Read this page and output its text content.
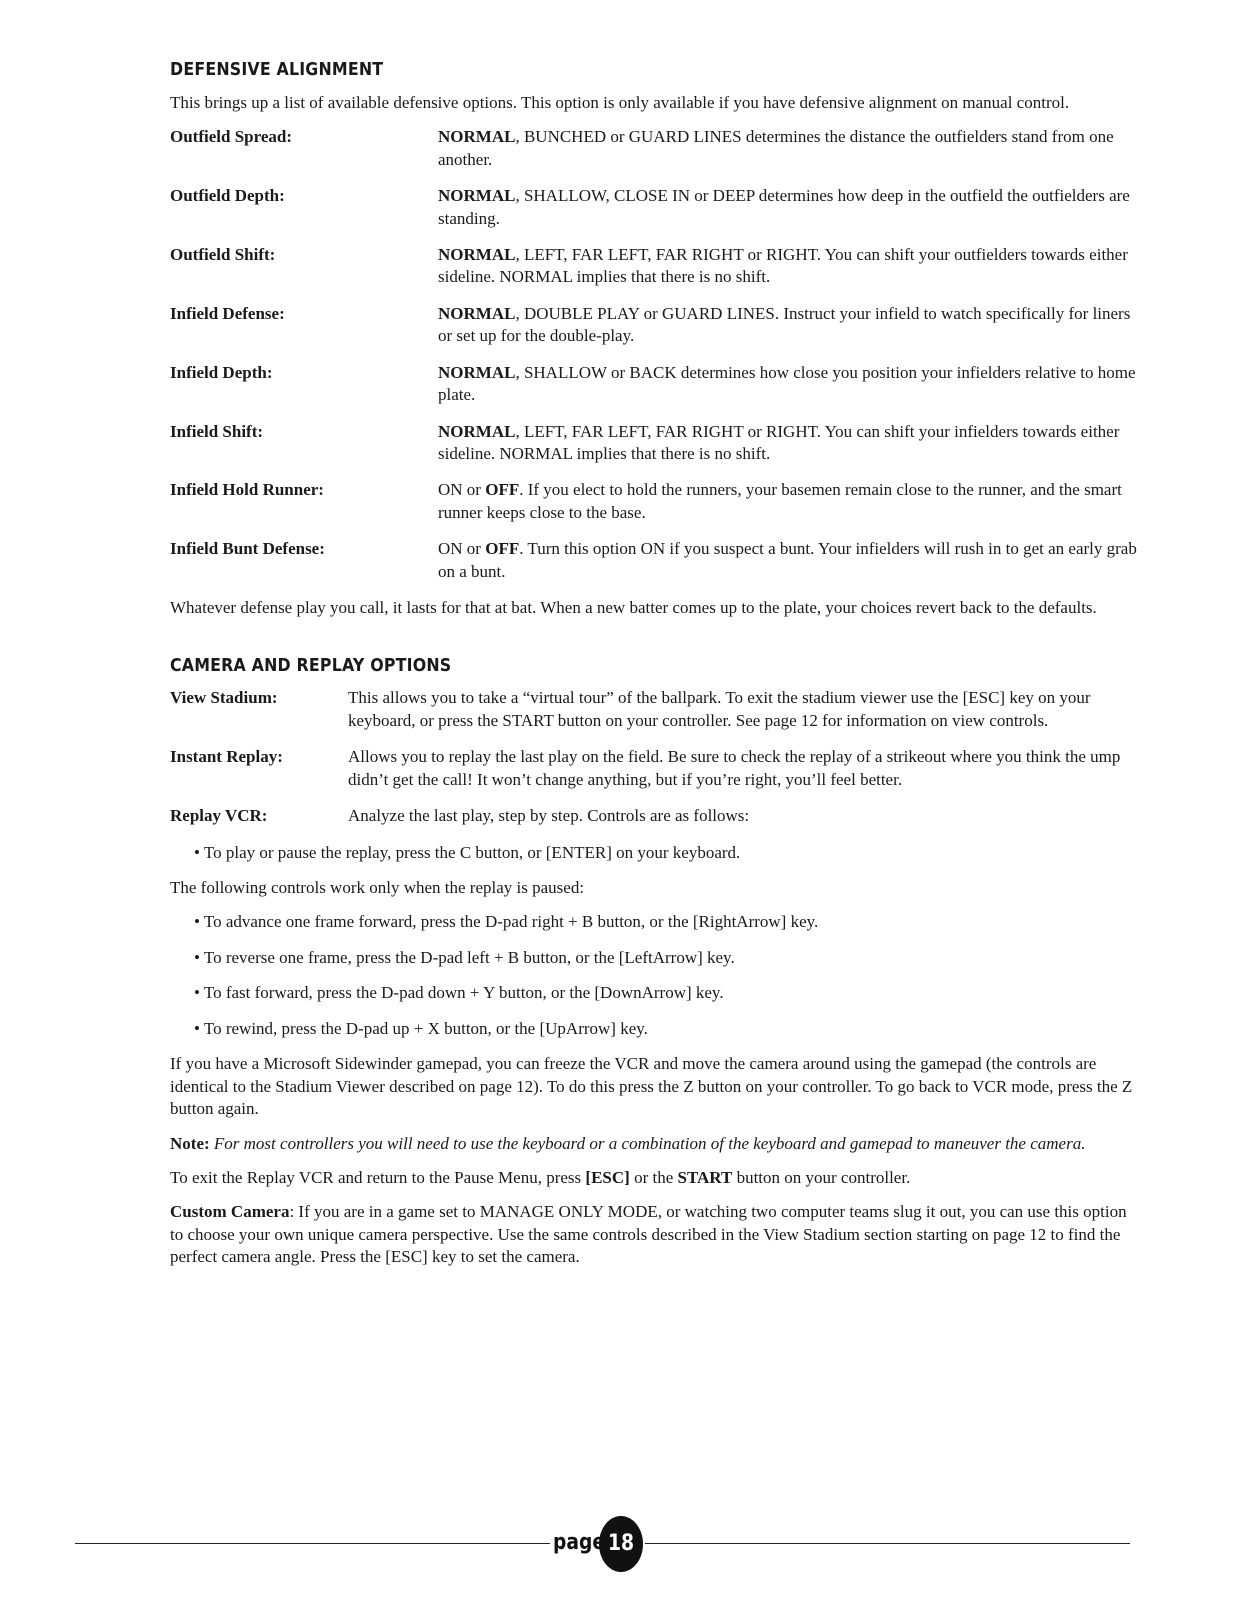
DEFENSIVE ALIGNMENT

This brings up a list of available defensive options. This option is only available if you have defensive alignment on manual control.

Outfield Spread:	NORMAL, BUNCHED or GUARD LINES determines the distance the outfielders stand from one another.
Outfield Depth:	NORMAL, SHALLOW, CLOSE IN or DEEP determines how deep in the outfield the outfielders are standing.
Outfield Shift:	NORMAL, LEFT, FAR LEFT, FAR RIGHT or RIGHT. You can shift your outfielders towards either sideline. NORMAL implies that there is no shift.
Infield Defense:	NORMAL, DOUBLE PLAY or GUARD LINES. Instruct your infield to watch specifically for liners or set up for the double-play.
Infield Depth:	NORMAL, SHALLOW or BACK determines how close you position your infielders relative to home plate.
Infield Shift:	NORMAL, LEFT, FAR LEFT, FAR RIGHT or RIGHT. You can shift your infielders towards either sideline. NORMAL implies that there is no shift.
Infield Hold Runner:	ON or OFF. If you elect to hold the runners, your basemen remain close to the runner, and the smart runner keeps close to the base.
Infield Bunt Defense:	ON or OFF. Turn this option ON if you suspect a bunt. Your infielders will rush in to get an early grab on a bunt.

Whatever defense play you call, it lasts for that at bat. When a new batter comes up to the plate, your choices revert back to the defaults.

CAMERA AND REPLAY OPTIONS
View Stadium:	This allows you to take a “virtual tour” of the ballpark. To exit the stadium viewer use the [ESC] key on your keyboard, or press the START button on your controller. See page 12 for information on view controls.
Instant Replay:	Allows you to replay the last play on the field. Be sure to check the replay of a strikeout where you think the ump didn’t get the call! It won’t change anything, but if you’re right, you’ll feel better.
Replay VCR:	Analyze the last play, step by step. Controls are as follows:

• To play or pause the replay, press the C button, or [ENTER] on your keyboard.

The following controls work only when the replay is paused:

• To advance one frame forward, press the D-pad right + B button, or the [RightArrow] key.

• To reverse one frame, press the D-pad left + B button, or the [LeftArrow] key.

• To fast forward, press the D-pad down + Y button, or the [DownArrow] key.

• To rewind, press the D-pad up + X button, or the [UpArrow] key.

If you have a Microsoft Sidewinder gamepad, you can freeze the VCR and move the camera around using the gamepad (the controls are identical to the Stadium Viewer described on page 12). To do this press the Z button on your controller. To go back to VCR mode, press the Z button again.

Note: For most controllers you will need to use the keyboard or a combination of the keyboard and gamepad to maneuver the camera.

To exit the Replay VCR and return to the Pause Menu, press [ESC] or the START button on your controller.

Custom Camera: If you are in a game set to MANAGE ONLY MODE, or watching two computer teams slug it out, you can use this option to choose your own unique camera perspective. Use the same controls described in the View Stadium section starting on page 12 to find the perfect camera angle. Press the [ESC] key to set the camera.

page 18
